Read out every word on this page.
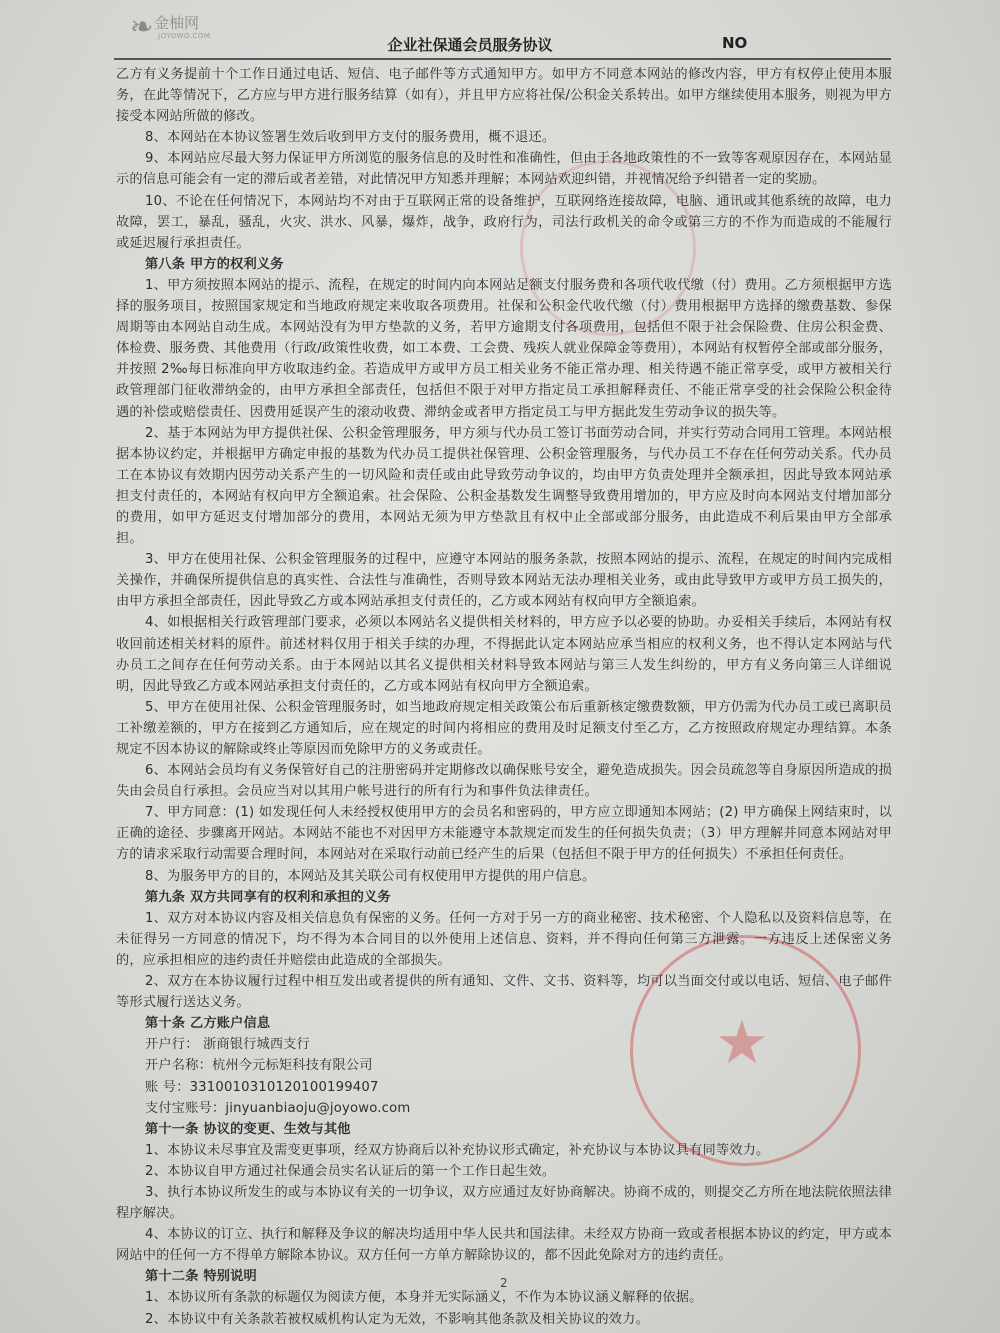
★
❧ 金柚网
JOYOWO.COM	企业社保通会员服务协议	NO

乙方有义务提前十个工作日通过电话、短信、电子邮件等方式通知甲方。如甲方不同意本网站的修改内容，甲方有权停止使用本服务，在此等情况下，乙方应与甲方进行服务结算（如有），并且甲方应将社保/公积金关系转出。如甲方继续使用本服务，则视为甲方接受本网站所做的修改。

8、本网站在本协议签署生效后收到甲方支付的服务费用，概不退还。

9、本网站应尽最大努力保证甲方所浏览的服务信息的及时性和准确性，但由于各地政策性的不一致等客观原因存在，本网站显示的信息可能会有一定的滞后或者差错，对此情况甲方知悉并理解；本网站欢迎纠错，并视情况给予纠错者一定的奖励。

10、不论在任何情况下，本网站均不对由于互联网正常的设备维护，互联网络连接故障，电脑、通讯或其他系统的故障，电力故障，罢工，暴乱，骚乱，火灾、洪水、风暴，爆炸，战争，政府行为，司法行政机关的命令或第三方的不作为而造成的不能履行或延迟履行承担责任。

第八条 甲方的权利义务

1、甲方须按照本网站的提示、流程，在规定的时间内向本网站足额支付服务费和各项代收代缴（付）费用。乙方须根据甲方选择的服务项目，按照国家规定和当地政府规定来收取各项费用。社保和公积金代收代缴（付）费用根据甲方选择的缴费基数、参保周期等由本网站自动生成。本网站没有为甲方垫款的义务，若甲方逾期支付各项费用，包括但不限于社会保险费、住房公积金费、体检费、服务费、其他费用（行政/政策性收费，如工本费、工会费、残疾人就业保障金等费用），本网站有权暂停全部或部分服务，并按照 2‰每日标准向甲方收取违约金。若造成甲方或甲方员工相关业务不能正常办理、相关待遇不能正常享受，或甲方被相关行政管理部门征收滞纳金的，由甲方承担全部责任，包括但不限于对甲方指定员工承担解释责任、不能正常享受的社会保险公积金待遇的补偿或赔偿责任、因费用延误产生的滚动收费、滞纳金或者甲方指定员工与甲方据此发生劳动争议的损失等。

2、基于本网站为甲方提供社保、公积金管理服务，甲方须与代办员工签订书面劳动合同，并实行劳动合同用工管理。本网站根据本协议约定，并根据甲方确定申报的基数为代办员工提供社保管理、公积金管理服务，与代办员工不存在任何劳动关系。代办员工在本协议有效期内因劳动关系产生的一切风险和责任或由此导致劳动争议的，均由甲方负责处理并全额承担，因此导致本网站承担支付责任的，本网站有权向甲方全额追索。社会保险、公积金基数发生调整导致费用增加的，甲方应及时向本网站支付增加部分的费用，如甲方延迟支付增加部分的费用，本网站无须为甲方垫款且有权中止全部或部分服务，由此造成不利后果由甲方全部承担。

3、甲方在使用社保、公积金管理服务的过程中，应遵守本网站的服务条款，按照本网站的提示、流程，在规定的时间内完成相关操作，并确保所提供信息的真实性、合法性与准确性，否则导致本网站无法办理相关业务，或由此导致甲方或甲方员工损失的，由甲方承担全部责任，因此导致乙方或本网站承担支付责任的，乙方或本网站有权向甲方全额追索。

4、如根据相关行政管理部门要求，必须以本网站名义提供相关材料的，甲方应予以必要的协助。办妥相关手续后，本网站有权收回前述相关材料的原件。前述材料仅用于相关手续的办理，不得据此认定本网站应承当相应的权利义务，也不得认定本网站与代办员工之间存在任何劳动关系。由于本网站以其名义提供相关材料导致本网站与第三人发生纠纷的，甲方有义务向第三人详细说明，因此导致乙方或本网站承担支付责任的，乙方或本网站有权向甲方全额追索。

5、甲方在使用社保、公积金管理服务时，如当地政府规定相关政策公布后重新核定缴费数额，甲方仍需为代办员工或已离职员工补缴差额的，甲方在接到乙方通知后，应在规定的时间内将相应的费用及时足额支付至乙方，乙方按照政府规定办理结算。本条规定不因本协议的解除或终止等原因而免除甲方的义务或责任。

6、本网站会员均有义务保管好自己的注册密码并定期修改以确保账号安全，避免造成损失。因会员疏忽等自身原因所造成的损失由会员自行承担。会员应当对以其用户帐号进行的所有行为和事件负法律责任。

7、甲方同意：(1) 如发现任何人未经授权使用甲方的会员名和密码的，甲方应立即通知本网站；(2) 甲方确保上网结束时，以正确的途径、步骤离开网站。本网站不能也不对因甲方未能遵守本款规定而发生的任何损失负责；（3）甲方理解并同意本网站对甲方的请求采取行动需要合理时间，本网站对在采取行动前已经产生的后果（包括但不限于甲方的任何损失）不承担任何责任。

8、为服务甲方的目的，本网站及其关联公司有权使用甲方提供的用户信息。

第九条 双方共同享有的权利和承担的义务

1、双方对本协议内容及相关信息负有保密的义务。任何一方对于另一方的商业秘密、技术秘密、个人隐私以及资料信息等，在未征得另一方同意的情况下，均不得为本合同目的以外使用上述信息、资料，并不得向任何第三方泄露。一方违反上述保密义务的，应承担相应的违约责任并赔偿由此造成的全部损失。

2、双方在本协议履行过程中相互发出或者提供的所有通知、文件、文书、资料等，均可以当面交付或以电话、短信、电子邮件等形式履行送达义务。

第十条 乙方账户信息

开户行： 浙商银行城西支行

开户名称：杭州今元标矩科技有限公司

账 号：331001031012010019940​7

支付宝账号：jinyuanbiaoju@joyowo.com

第十一条 协议的变更、生效与其他

1、本协议未尽事宜及需变更事项，经双方协商后以补充协议形式确定，补充协议与本协议具有同等效力。

2、本协议自甲方通过社保通会员实名认证后的第一个工作日起生效。

3、执行本协议所发生的或与本协议有关的一切争议，双方应通过友好协商解决。协商不成的，则提交乙方所在地法院依照法律程序解决。

4、本协议的订立、执行和解释及争议的解决均适用中华人民共和国法律。未经双方协商一致或者根据本协议的约定，甲方或本网站中的任何一方不得单方解除本协议。双方任何一方单方解除协议的，都不因此免除对方的违约责任。

第十二条 特别说明

1、本协议所有条款的标题仅为阅读方便，本身并无实际涵义，不作为本协议涵义解释的依据。

2、本协议中有关条款若被权威机构认定为无效，不影响其他条款及相关协议的效力。

2
